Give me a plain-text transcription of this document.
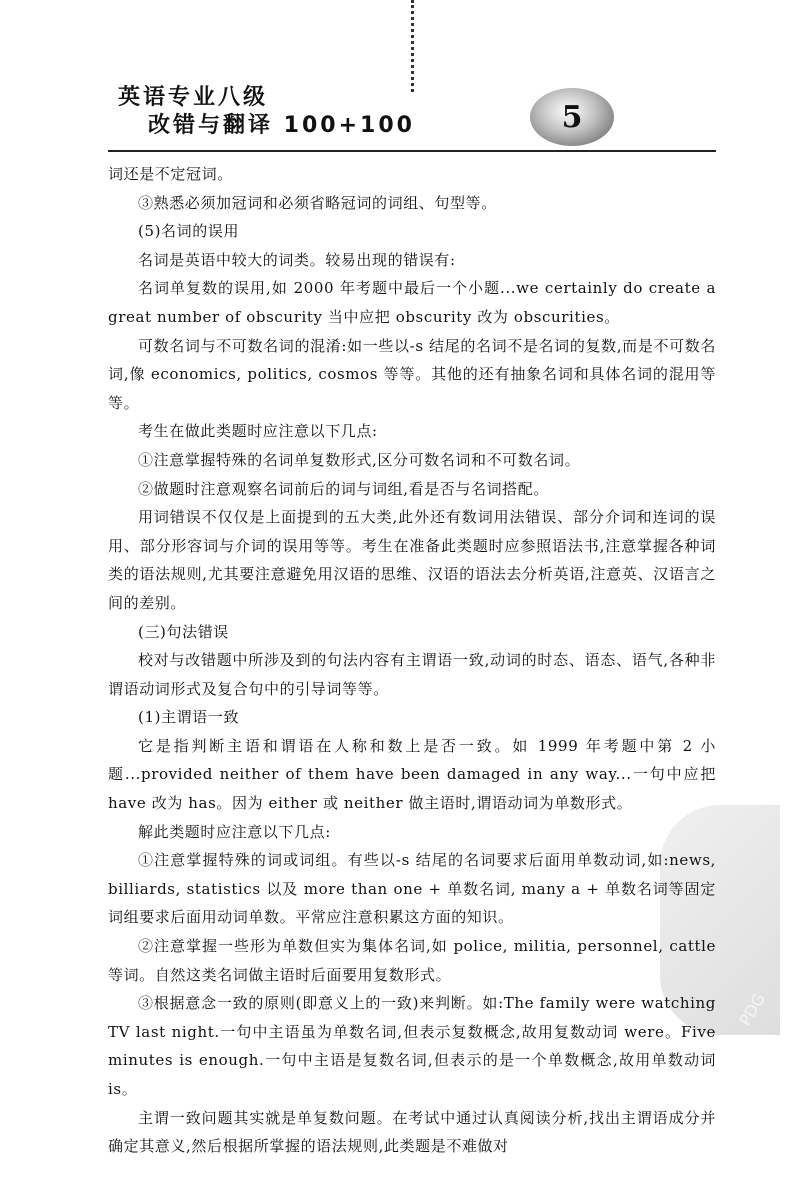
英语专业八级
改错与翻译 100+100	5
PDG

词还是不定冠词。

③熟悉必须加冠词和必须省略冠词的词组、句型等。

(5)名词的误用

名词是英语中较大的词类。较易出现的错误有:

名词单复数的误用,如 2000 年考题中最后一个小题...we certainly do create a great number of obscurity 当中应把 obscurity 改为 obscurities。

可数名词与不可数名词的混淆:如一些以-s 结尾的名词不是名词的复数,而是不可数名词,像 economics, politics, cosmos 等等。其他的还有抽象名词和具体名词的混用等等。

考生在做此类题时应注意以下几点:

①注意掌握特殊的名词单复数形式,区分可数名词和不可数名词。

②做题时注意观察名词前后的词与词组,看是否与名词搭配。

用词错误不仅仅是上面提到的五大类,此外还有数词用法错误、部分介词和连词的误用、部分形容词与介词的误用等等。考生在准备此类题时应参照语法书,注意掌握各种词类的语法规则,尤其要注意避免用汉语的思维、汉语的语法去分析英语,注意英、汉语言之间的差别。

(三)句法错误

校对与改错题中所涉及到的句法内容有主谓语一致,动词的时态、语态、语气,各种非谓语动词形式及复合句中的引导词等等。

(1)主谓语一致

它是指判断主语和谓语在人称和数上是否一致。如 1999 年考题中第 2 小题...provided neither of them have been damaged in any way...一句中应把 have 改为 has。因为 either 或 neither 做主语时,谓语动词为单数形式。

解此类题时应注意以下几点:

①注意掌握特殊的词或词组。有些以-s 结尾的名词要求后面用单数动词,如:news, billiards, statistics 以及 more than one + 单数名词, many a + 单数名词等固定词组要求后面用动词单数。平常应注意积累这方面的知识。

②注意掌握一些形为单数但实为集体名词,如 police, militia, personnel, cattle 等词。自然这类名词做主语时后面要用复数形式。

③根据意念一致的原则(即意义上的一致)来判断。如:The family were watching TV last night.一句中主语虽为单数名词,但表示复数概念,故用复数动词 were。Five minutes is enough.一句中主语是复数名词,但表示的是一个单数概念,故用单数动词 is。

主谓一致问题其实就是单复数问题。在考试中通过认真阅读分析,找出主谓语成分并确定其意义,然后根据所掌握的语法规则,此类题是不难做对
